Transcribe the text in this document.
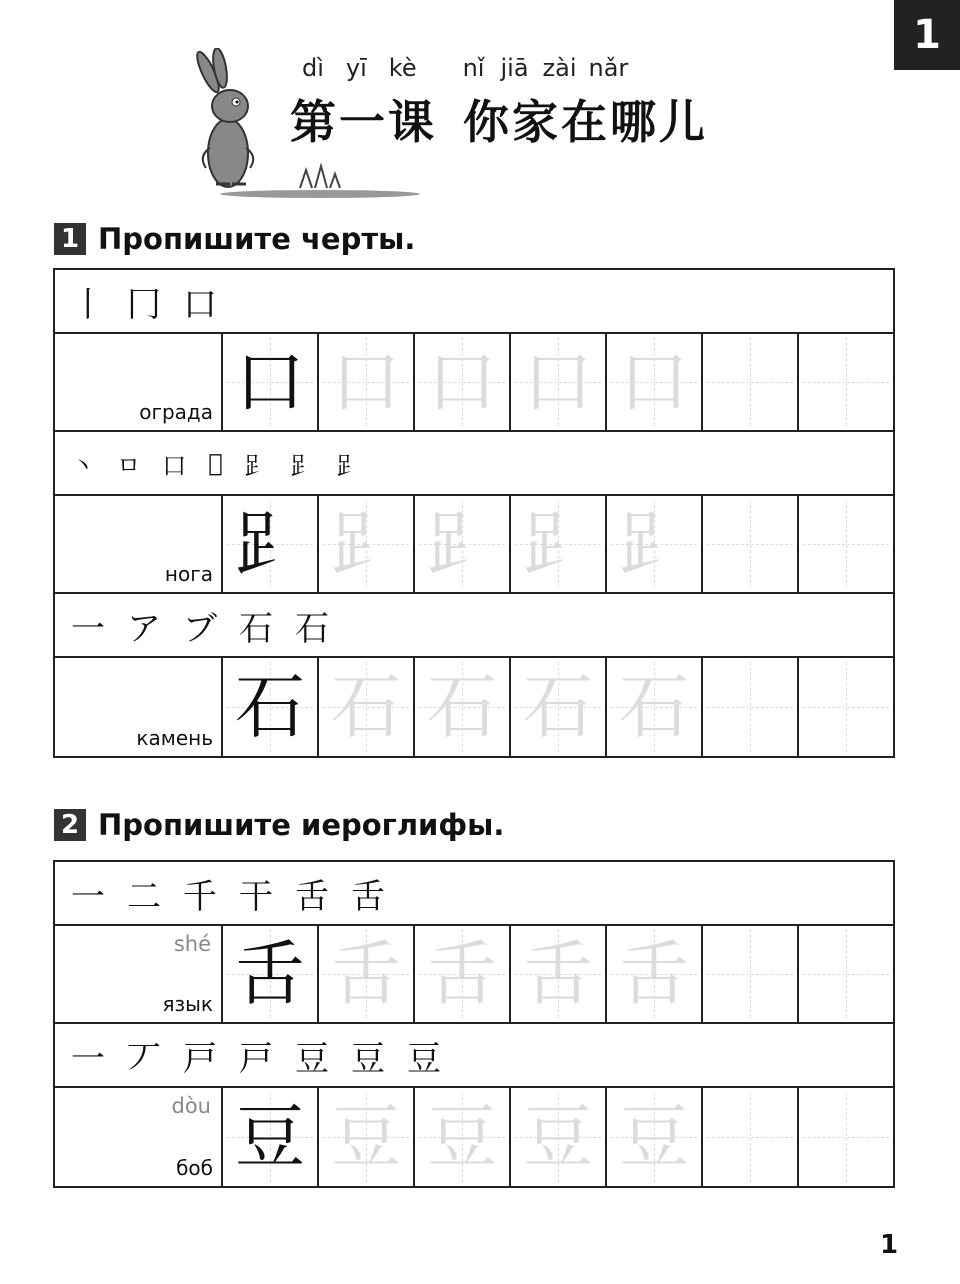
1
dì yī kè nǐ jiā zài nǎr
第一课 你家在哪儿
1 Пропишите черты.
丨 冂 口
ограда 口 口 口 口 口
丶 ㅁ 口 𠯁 𧾷 𧾷 𧾷
нога 𧾷 𧾷 𧾷 𧾷 𧾷
一 ア ブ 石 石
камень 石 石 石 石 石
2 Пропишите иероглифы.
一 二 千 干 舌 舌
shé
язык 舌 舌 舌 舌 舌
一 丆 戸 戸 豆 豆 豆
dòu
боб 豆 豆 豆 豆 豆
1
